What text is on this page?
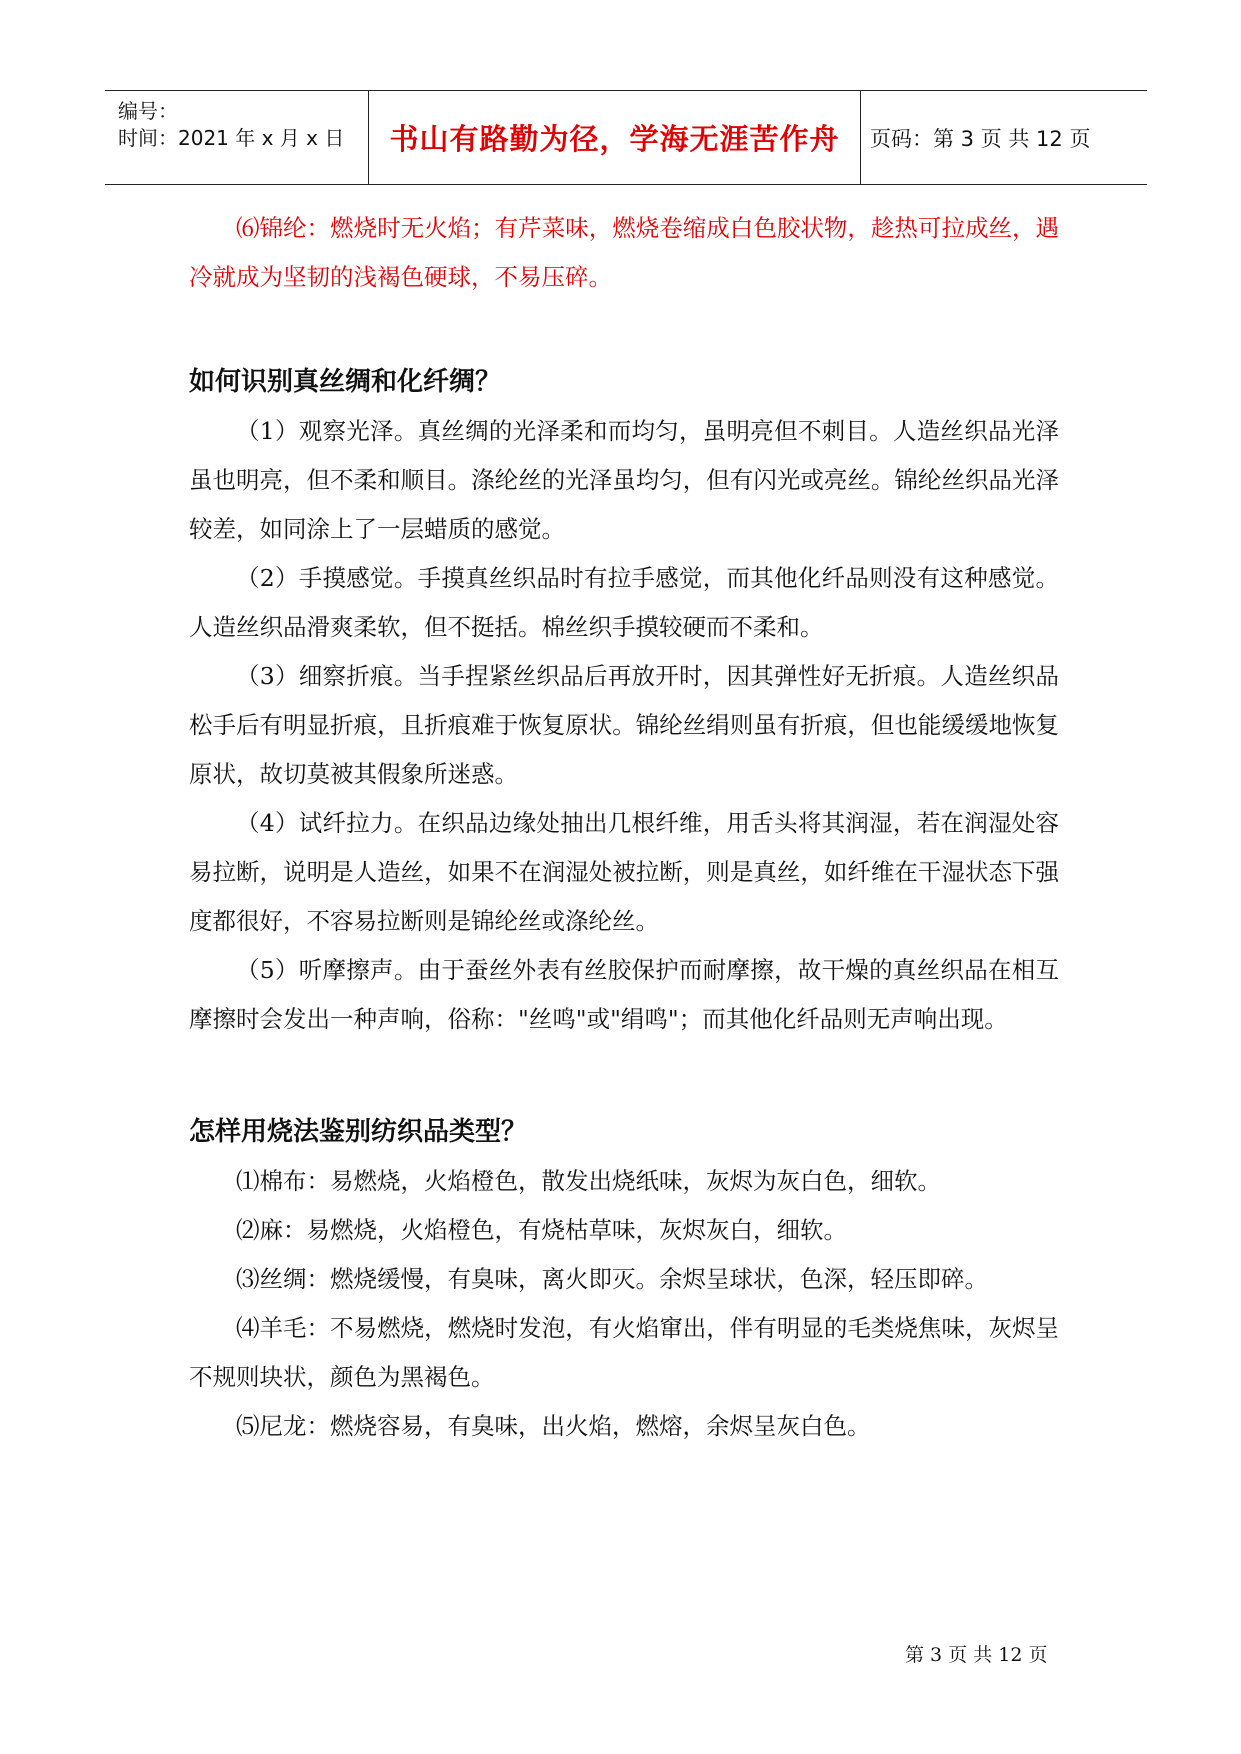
编号：
时间：2021 年 x 月 x 日	书山有路勤为径，学海无涯苦作舟	页码：第 3 页 共 12 页

⑹锦纶：燃烧时无火焰；有芹菜味，燃烧卷缩成白色胶状物，趁热可拉成丝，遇冷就成为坚韧的浅褐色硬球，不易压碎。

如何识别真丝绸和化纤绸？

（1）观察光泽。真丝绸的光泽柔和而均匀，虽明亮但不刺目。人造丝织品光泽虽也明亮，但不柔和顺目。涤纶丝的光泽虽均匀，但有闪光或亮丝。锦纶丝织品光泽较差，如同涂上了一层蜡质的感觉。

（2）手摸感觉。手摸真丝织品时有拉手感觉，而其他化纤品则没有这种感觉。人造丝织品滑爽柔软，但不挺括。棉丝织手摸较硬而不柔和。

（3）细察折痕。当手捏紧丝织品后再放开时，因其弹性好无折痕。人造丝织品松手后有明显折痕，且折痕难于恢复原状。锦纶丝绢则虽有折痕，但也能缓缓地恢复原状，故切莫被其假象所迷惑。

（4）试纤拉力。在织品边缘处抽出几根纤维，用舌头将其润湿，若在润湿处容易拉断，说明是人造丝，如果不在润湿处被拉断，则是真丝，如纤维在干湿状态下强度都很好，不容易拉断则是锦纶丝或涤纶丝。

（5）听摩擦声。由于蚕丝外表有丝胶保护而耐摩擦，故干燥的真丝织品在相互摩擦时会发出一种声响，俗称："丝鸣"或"绢鸣"；而其他化纤品则无声响出现。

怎样用烧法鉴别纺织品类型？

⑴棉布：易燃烧，火焰橙色，散发出烧纸味，灰烬为灰白色，细软。

⑵麻：易燃烧，火焰橙色，有烧枯草味，灰烬灰白，细软。

⑶丝绸：燃烧缓慢，有臭味，离火即灭。余烬呈球状，色深，轻压即碎。

⑷羊毛：不易燃烧，燃烧时发泡，有火焰窜出，伴有明显的毛类烧焦味，灰烬呈不规则块状，颜色为黑褐色。

⑸尼龙：燃烧容易，有臭味，出火焰，燃熔，余烬呈灰白色。

第 3 页 共 12 页
